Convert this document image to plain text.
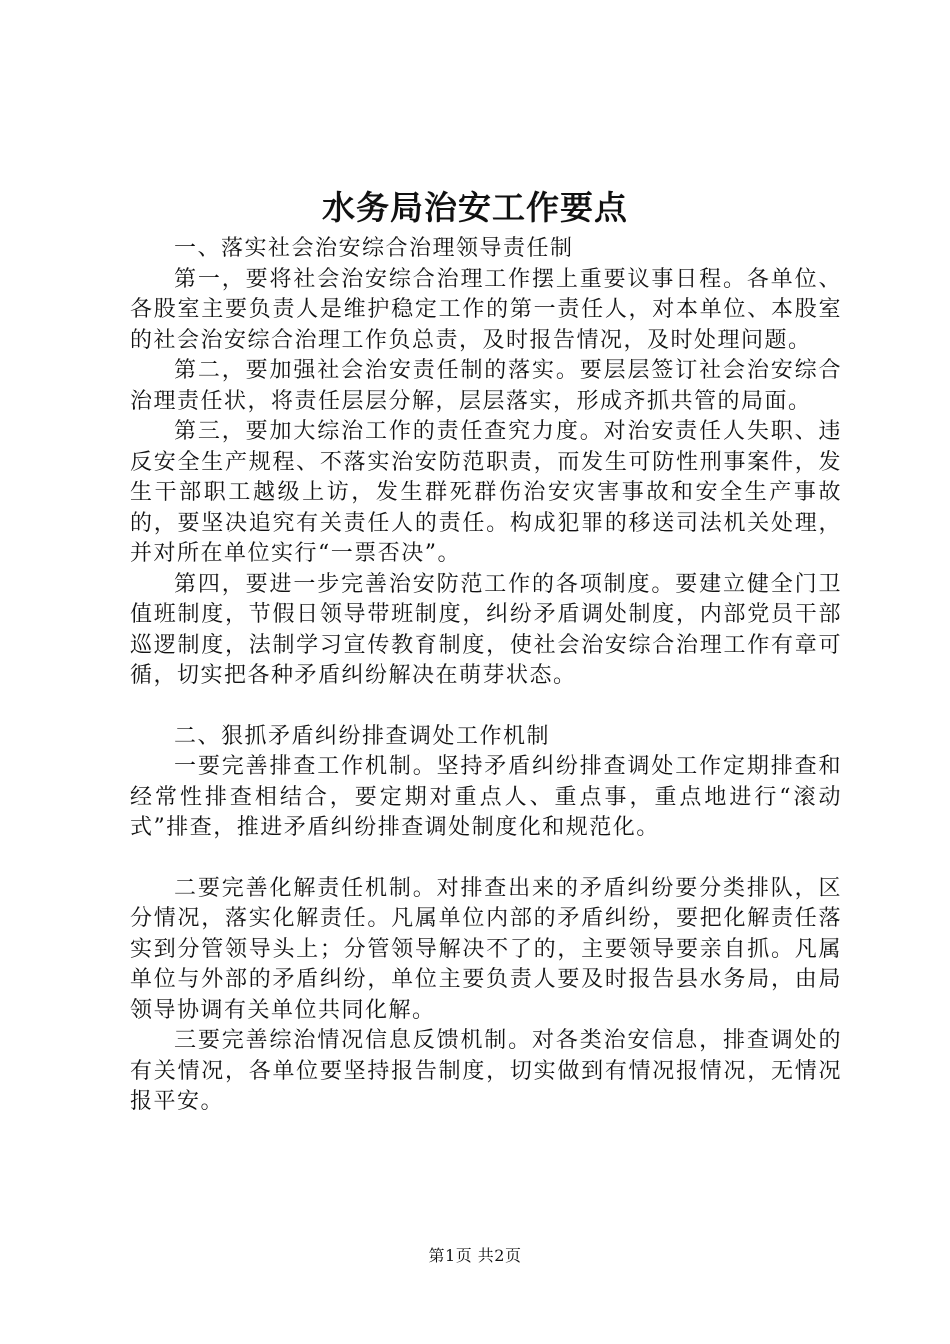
水务局治安工作要点

一、落实社会治安综合治理领导责任制

第一，要将社会治安综合治理工作摆上重要议事日程。各单位、各股室主要负责人是维护稳定工作的第一责任人，对本单位、本股室的社会治安综合治理工作负总责，及时报告情况，及时处理问题。

第二，要加强社会治安责任制的落实。要层层签订社会治安综合治理责任状，将责任层层分解，层层落实，形成齐抓共管的局面。

第三，要加大综治工作的责任查究力度。对治安责任人失职、违反安全生产规程、不落实治安防范职责，而发生可防性刑事案件，发生干部职工越级上访，发生群死群伤治安灾害事故和安全生产事故的，要坚决追究有关责任人的责任。构成犯罪的移送司法机关处理，并对所在单位实行“一票否决”。

第四，要进一步完善治安防范工作的各项制度。要建立健全门卫值班制度，节假日领导带班制度，纠纷矛盾调处制度，内部党员干部巡逻制度，法制学习宣传教育制度，使社会治安综合治理工作有章可循，切实把各种矛盾纠纷解决在萌芽状态。

二、狠抓矛盾纠纷排查调处工作机制

一要完善排查工作机制。坚持矛盾纠纷排查调处工作定期排查和经常性排查相结合，要定期对重点人、重点事，重点地进行“滚动式”排查，推进矛盾纠纷排查调处制度化和规范化。

二要完善化解责任机制。对排查出来的矛盾纠纷要分类排队，区分情况，落实化解责任。凡属单位内部的矛盾纠纷，要把化解责任落实到分管领导头上；分管领导解决不了的，主要领导要亲自抓。凡属单位与外部的矛盾纠纷，单位主要负责人要及时报告县水务局，由局领导协调有关单位共同化解。

三要完善综治情况信息反馈机制。对各类治安信息，排查调处的有关情况，各单位要坚持报告制度，切实做到有情况报情况，无情况报平安。

第1页 共2页
